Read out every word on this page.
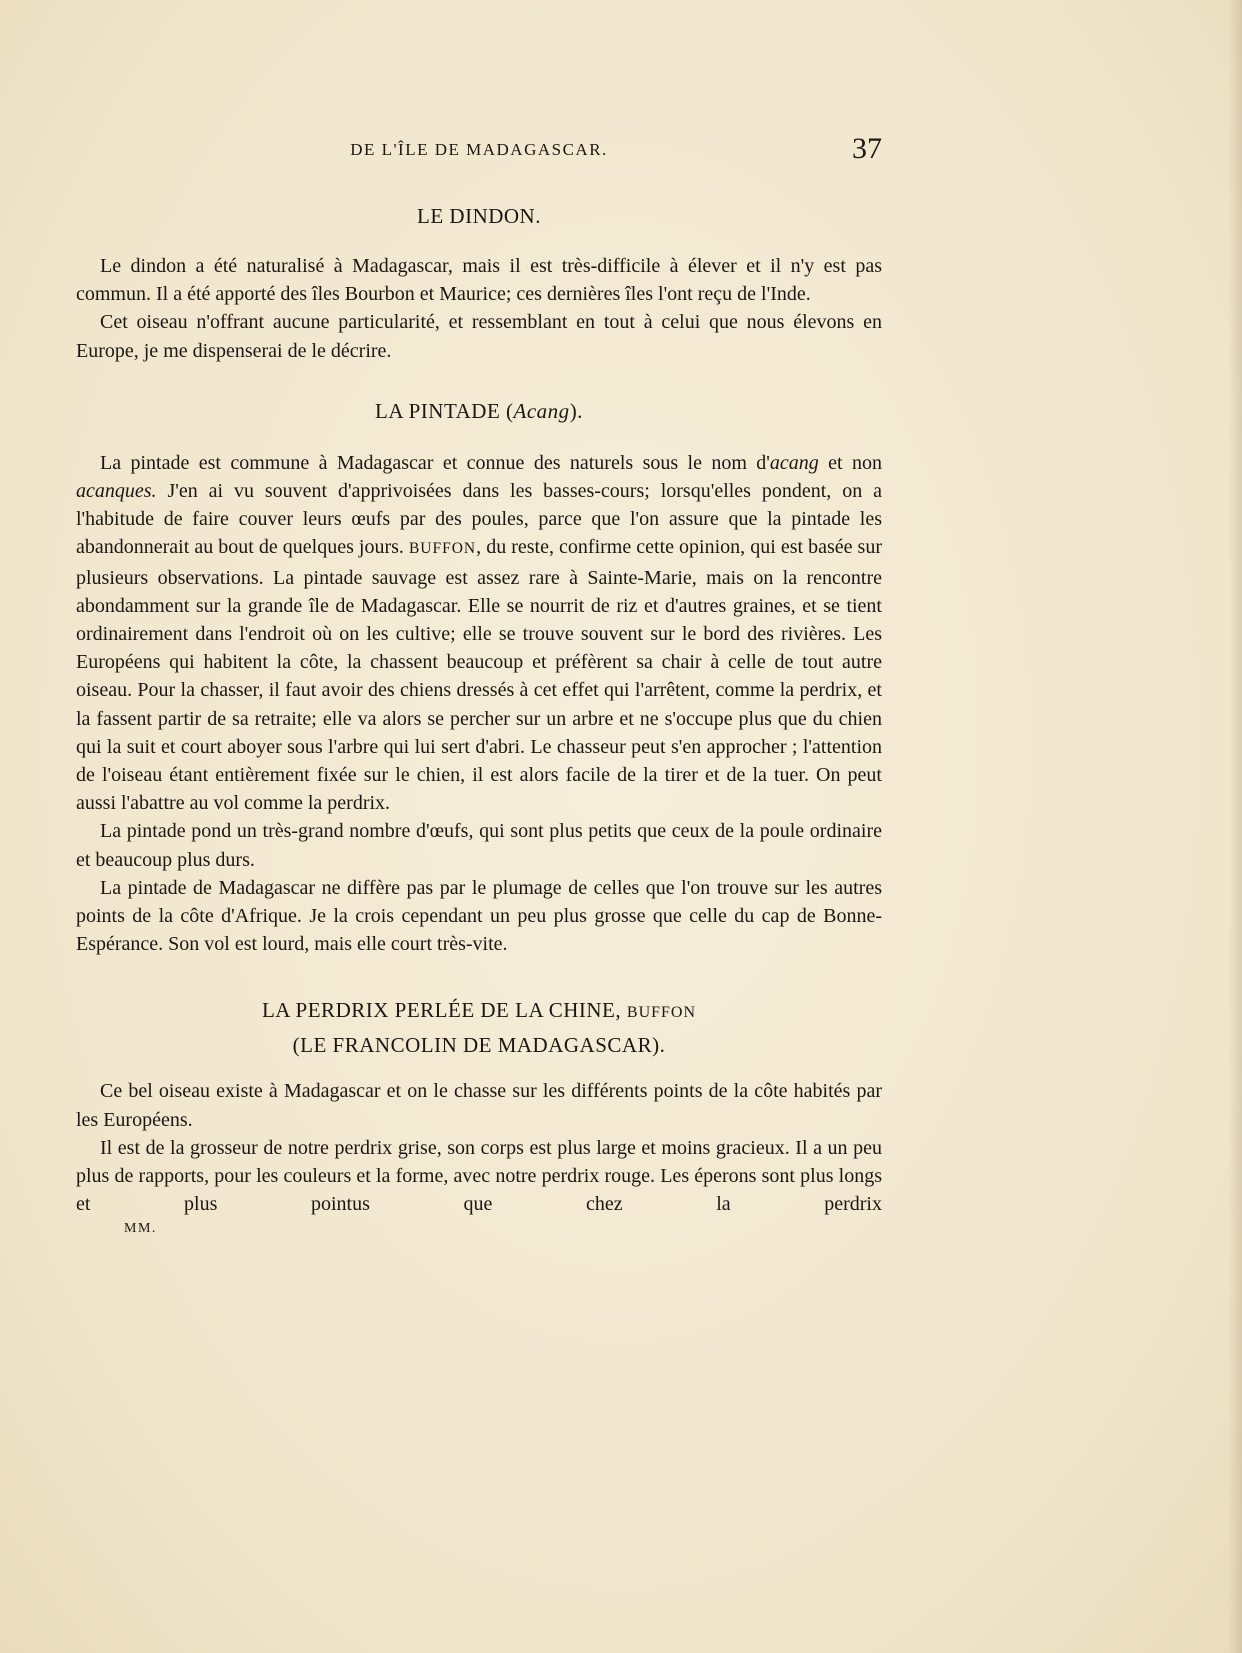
DE L'ÎLE DE MADAGASCAR.	37
LE DINDON.

Le dindon a été naturalisé à Madagascar, mais il est très-difficile à élever et il n'y est pas commun. Il a été apporté des îles Bourbon et Maurice; ces dernières îles l'ont reçu de l'Inde.

Cet oiseau n'offrant aucune particularité, et ressemblant en tout à celui que nous élevons en Europe, je me dispenserai de le décrire.

LA PINTADE (Acang).

La pintade est commune à Madagascar et connue des naturels sous le nom d'acang et non acanques. J'en ai vu souvent d'apprivoisées dans les basses-cours; lorsqu'elles pondent, on a l'habitude de faire couver leurs œufs par des poules, parce que l'on assure que la pintade les abandonnerait au bout de quelques jours. BUFFON, du reste, confirme cette opinion, qui est basée sur plusieurs observations. La pintade sauvage est assez rare à Sainte-Marie, mais on la rencontre abondamment sur la grande île de Madagascar. Elle se nourrit de riz et d'autres graines, et se tient ordinairement dans l'endroit où on les cultive; elle se trouve souvent sur le bord des rivières. Les Européens qui habitent la côte, la chassent beaucoup et préfèrent sa chair à celle de tout autre oiseau. Pour la chasser, il faut avoir des chiens dressés à cet effet qui l'arrêtent, comme la perdrix, et la fassent partir de sa retraite; elle va alors se percher sur un arbre et ne s'occupe plus que du chien qui la suit et court aboyer sous l'arbre qui lui sert d'abri. Le chasseur peut s'en approcher ; l'attention de l'oiseau étant entièrement fixée sur le chien, il est alors facile de la tirer et de la tuer. On peut aussi l'abattre au vol comme la perdrix.

La pintade pond un très-grand nombre d'œufs, qui sont plus petits que ceux de la poule ordinaire et beaucoup plus durs.

La pintade de Madagascar ne diffère pas par le plumage de celles que l'on trouve sur les autres points de la côte d'Afrique. Je la crois cependant un peu plus grosse que celle du cap de Bonne-Espérance. Son vol est lourd, mais elle court très-vite.

LA PERDRIX PERLÉE DE LA CHINE, BUFFON
(LE FRANCOLIN DE MADAGASCAR).

Ce bel oiseau existe à Madagascar et on le chasse sur les différents points de la côte habités par les Européens.

Il est de la grosseur de notre perdrix grise, son corps est plus large et moins gracieux. Il a un peu plus de rapports, pour les couleurs et la forme, avec notre perdrix rouge. Les éperons sont plus longs et plus pointus que chez la perdrix

MM.
